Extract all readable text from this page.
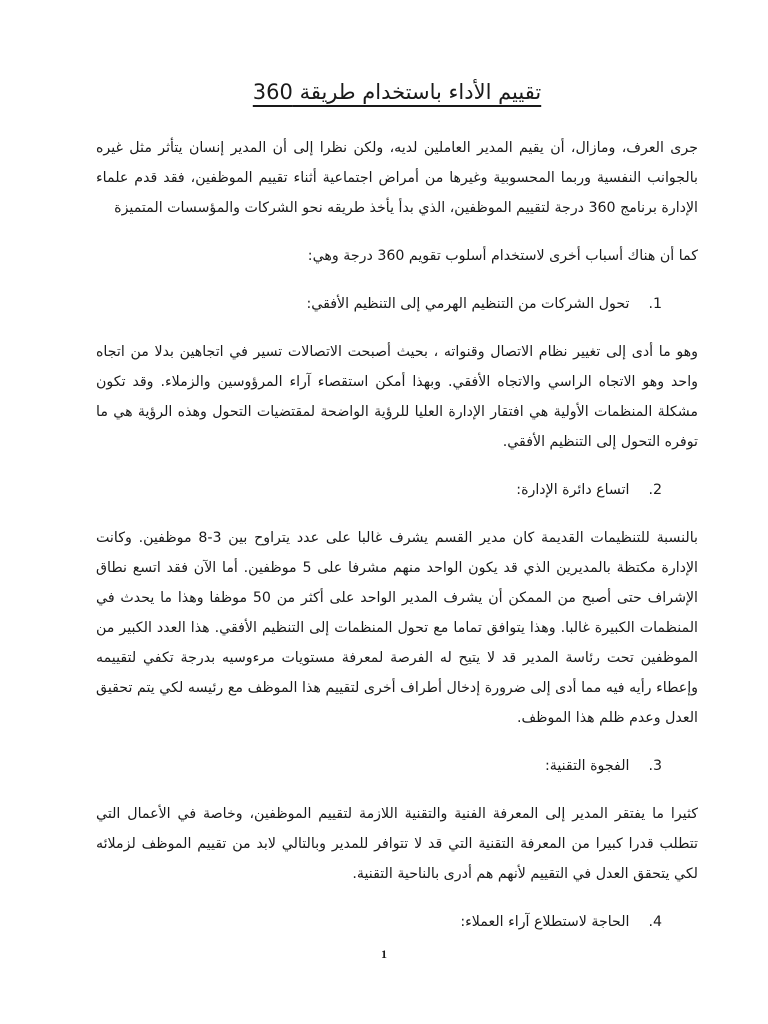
تقييم الأداء باستخدام طريقة 360

جرى العرف، ومازال، أن يقيم المدير العاملين لديه، ولكن نظرا إلى أن المدير إنسان يتأثر مثل غيره بالجوانب النفسية وربما المحسوبية وغيرها من أمراض اجتماعية أثناء تقييم الموظفين، فقد قدم علماء الإدارة برنامج 360 درجة لتقييم الموظفين، الذي بدأ يأخذ طريقه نحو الشركات والمؤسسات المتميزة

كما أن هناك أسباب أخرى لاستخدام أسلوب تقويم 360 درجة وهي:

1. تحول الشركات من التنظيم الهرمي إلى التنظيم الأفقي:

وهو ما أدى إلى تغيير نظام الاتصال وقنواته ، بحيث أصبحت الاتصالات تسير في اتجاهين بدلا من اتجاه واحد وهو الاتجاه الراسي والاتجاه الأفقي. وبهذا أمكن استقصاء آراء المرؤوسين والزملاء. وقد تكون مشكلة المنظمات الأولية هي افتقار الإدارة العليا للرؤية الواضحة لمقتضيات التحول وهذه الرؤية هي ما توفره التحول إلى التنظيم الأفقي.

2. اتساع دائرة الإدارة:

بالنسبة للتنظيمات القديمة كان مدير القسم يشرف غالبا على عدد يتراوح بين 3-8 موظفين. وكانت الإدارة مكتظة بالمديرين الذي قد يكون الواحد منهم مشرفا على 5 موظفين. أما الآن فقد اتسع نطاق الإشراف حتى أصبح من الممكن أن يشرف المدير الواحد على أكثر من 50 موظفا وهذا ما يحدث في المنظمات الكبيرة غالبا. وهذا يتوافق تماما مع تحول المنظمات إلى التنظيم الأفقي. هذا العدد الكبير من الموظفين تحت رئاسة المدير قد لا يتيح له الفرصة لمعرفة مستويات مرءوسيه بدرجة تكفي لتقييمه وإعطاء رأيه فيه مما أدى إلى ضرورة إدخال أطراف أخرى لتقييم هذا الموظف مع رئيسه لكي يتم تحقيق العدل وعدم ظلم هذا الموظف.

3. الفجوة التقنية:

كثيرا ما يفتقر المدير إلى المعرفة الفنية والتقنية اللازمة لتقييم الموظفين، وخاصة في الأعمال التي تتطلب قدرا كبيرا من المعرفة التقنية التي قد لا تتوافر للمدير وبالتالي لابد من تقييم الموظف لزملائه لكي يتحقق العدل في التقييم لأنهم هم أدرى بالناحية التقنية.

4. الحاجة لاستطلاع آراء العملاء:
1
